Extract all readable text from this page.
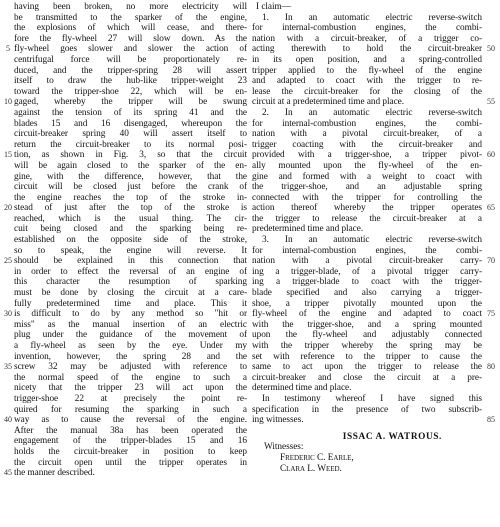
having been broken, no more electricity will
be transmitted to the sparker of the engine,
the explosions of which will cease, and there-
fore the fly-wheel 27 will slow down. As the
fly-wheel goes slower and slower the action of
centrifugal force will be proportionately re-
duced, and the tripper-spring 28 will assert
itself to draw the hub-like tripper-weight 23
toward the tripper-shoe 22, which will be en-
gaged, whereby the tripper will be swung
against the tension of its spring 41 and the
blades 15 and 16 disengaged, whereupon the
circuit-breaker spring 40 will assert itself to
return the circuit-breaker to its normal posi-
tion, as shown in Fig. 3, so that the circuit
will be again closed to the sparker of the en-
gine, with the difference, however, that the
circuit will be closed just before the crank of
the engine reaches the top of the stroke in-
stead of just after the top of the stroke is
reached, which is the usual thing. The cir-
cuit being closed and the sparking being re-
established on the opposite side of the stroke,
so to speak, the engine will reverse. It
should be explained in this connection that
in order to effect the reversal of an engine of
this character the resumption of sparking
must be done by closing the circuit at a care-
fully predetermined time and place. This it
is difficult to do by any method so "hit or
miss" as the manual insertion of an electric
plug under the guidance of the movement of
a fly-wheel as seen by the eye. Under my
invention, however, the spring 28 and the
screw 32 may be adjusted with reference to
the normal speed of the engine to such a
nicety that the tripper 23 will act upon the
trigger-shoe 22 at precisely the point re-
quired for resuming the sparking in such a
way as to cause the reversal of the engine.
After the manual 38a has been operated the
engagement of the tripper-blades 15 and 16
holds the circuit-breaker in position to keep
the circuit open until the tripper operates in
the manner described.
I claim—
1. In an automatic electric reverse-switch
for internal-combustion engines, the combi-
nation with a circuit-breaker, of a trigger co-
acting therewith to hold the circuit-breaker
in its open position, and a spring-controlled
tripper applied to the fly-wheel of the engine
and adapted to coact with the trigger to re-
lease the circuit-breaker for the closing of the
circuit at a predetermined time and place.
2. In an automatic electric reverse-switch
for internal-combustion engines, the combi-
nation with a pivotal circuit-breaker, of a
trigger coacting with the circuit-breaker and
provided with a trigger-shoe, a tripper pivot-
ally mounted upon the fly-wheel of the en-
gine and formed with a weight to coact with
the trigger-shoe, and an adjustable spring
connected with the tripper for controlling the
action thereof whereby the tripper operates
the trigger to release the circuit-breaker at a
predetermined time and place.
3. In an automatic electric reverse-switch
for internal-combustion engines, the combi-
nation with a pivotal circuit-breaker carry-
ing a trigger-blade, of a pivotal trigger carry-
ing a trigger-blade to coact with the trigger-
blade specified and also carrying a trigger-
shoe, a tripper pivotally mounted upon the
fly-wheel of the engine and adapted to coact
with the trigger-shoe, and a spring mounted
upon the fly-wheel and adjustably connected
with the tripper whereby the spring may be
set with reference to the tripper to cause the
same to act upon the trigger to release the
circuit-breaker and close the circuit at a pre-
determined time and place.
In testimony whereof I have signed this
specification in the presence of two subscrib-
ing witnesses.
ISSAC A. WATROUS.
Witnesses:
Frederic C. Earle,
Clara L. Weed.
5
10
15
20
25
30
35
40
45
50
55
60
65
70
75
80
85
